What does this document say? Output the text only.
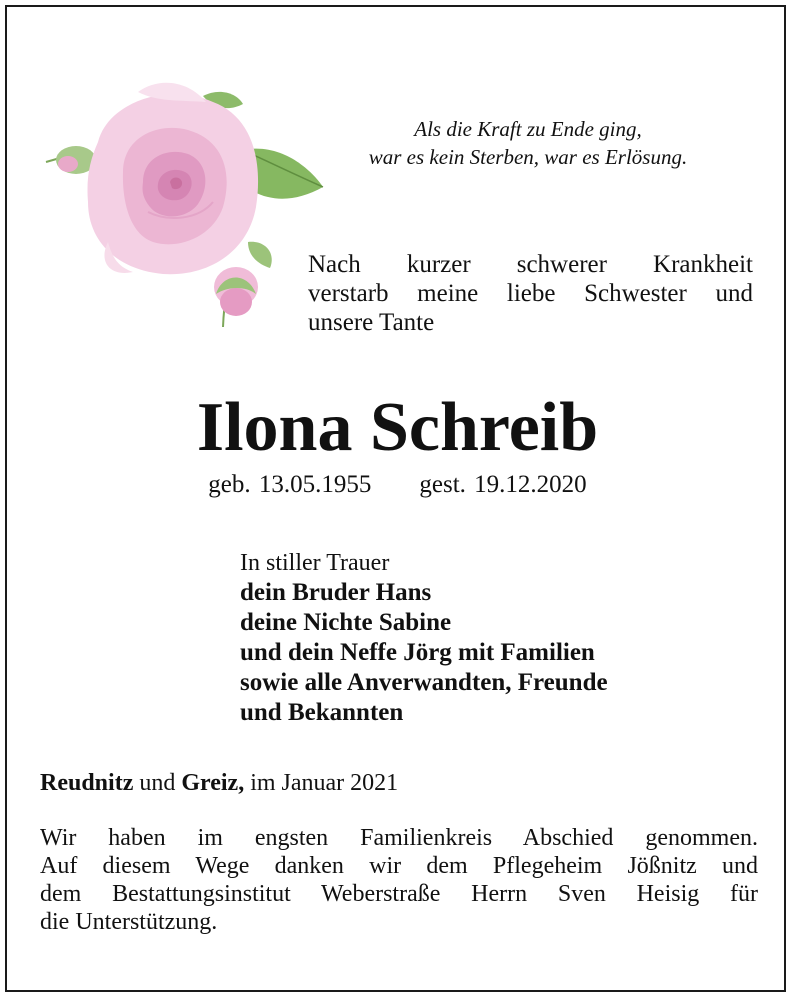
Als die Kraft zu Ende ging,
war es kein Sterben, war es Erlösung.
Nach kurzer schwerer Krankheit
verstarb meine liebe Schwester und
unsere Tante
Ilona Schreib
geb. 13.05.1955 gest. 19.12.2020
In stiller Trauer
dein Bruder Hans
deine Nichte Sabine
und dein Neffe Jörg mit Familien
sowie alle Anverwandten, Freunde
und Bekannten
Reudnitz und Greiz, im Januar 2021
Wir haben im engsten Familienkreis Abschied genommen.
Auf diesem Wege danken wir dem Pflegeheim Jößnitz und
dem Bestattungsinstitut Weberstraße Herrn Sven Heisig für
die Unterstützung.
